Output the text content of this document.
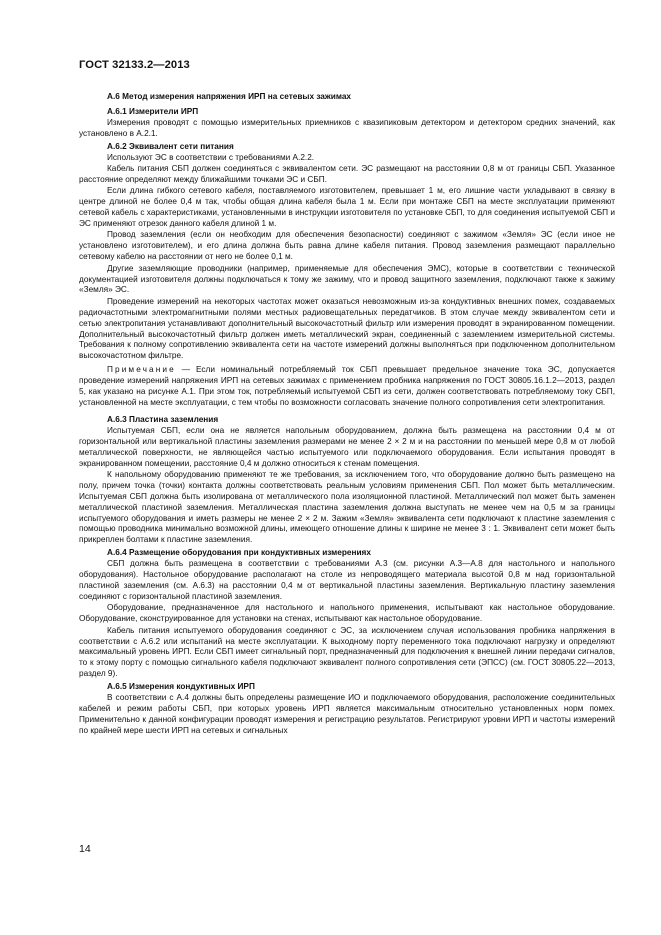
ГОСТ 32133.2—2013

А.6 Метод измерения напряжения ИРП на сетевых зажимах

А.6.1 Измерители ИРП

Измерения проводят с помощью измерительных приемников с квазипиковым детектором и детектором средних значений, как установлено в А.2.1.

А.6.2 Эквивалент сети питания

Используют ЭС в соответствии с требованиями А.2.2.

Кабель питания СБП должен соединяться с эквивалентом сети. ЭС размещают на расстоянии 0,8 м от границы СБП. Указанное расстояние определяют между ближайшими точками ЭС и СБП.

Если длина гибкого сетевого кабеля, поставляемого изготовителем, превышает 1 м, его лишние части укладывают в связку в центре длиной не более 0,4 м так, чтобы общая длина кабеля была 1 м. Если при монтаже СБП на месте эксплуатации применяют сетевой кабель с характеристиками, установленными в инструкции изготовителя по установке СБП, то для соединения испытуемой СБП и ЭС применяют отрезок данного кабеля длиной 1 м.

Провод заземления (если он необходим для обеспечения безопасности) соединяют с зажимом «Земля» ЭС (если иное не установлено изготовителем), и его длина должна быть равна длине кабеля питания. Провод заземления размещают параллельно сетевому кабелю на расстоянии от него не более 0,1 м.

Другие заземляющие проводники (например, применяемые для обеспечения ЭМС), которые в соответствии с технической документацией изготовителя должны подключаться к тому же зажиму, что и провод защитного заземления, подключают также к зажиму «Земля» ЭС.

Проведение измерений на некоторых частотах может оказаться невозможным из-за кондуктивных внешних помех, создаваемых радиочастотными электромагнитными полями местных радиовещательных передатчиков. В этом случае между эквивалентом сети и сетью электропитания устанавливают дополнительный высокочастотный фильтр или измерения проводят в экранированном помещении. Дополнительный высокочастотный фильтр должен иметь металлический экран, соединенный с заземлением измерительной системы. Требования к полному сопротивлению эквивалента сети на частоте измерений должны выполняться при подключенном дополнительном высокочастотном фильтре.

Примечание — Если номинальный потребляемый ток СБП превышает предельное значение тока ЭС, допускается проведение измерений напряжения ИРП на сетевых зажимах с применением пробника напряжения по ГОСТ 30805.16.1.2—2013, раздел 5, как указано на рисунке А.1. При этом ток, потребляемый испытуемой СБП из сети, должен соответствовать потребляемому току СБП, установленной на месте эксплуатации, с тем чтобы по возможности согласовать значение полного сопротивления сети электропитания.

А.6.3 Пластина заземления

Испытуемая СБП, если она не является напольным оборудованием, должна быть размещена на расстоянии 0,4 м от горизонтальной или вертикальной пластины заземления размерами не менее 2 × 2 м и на расстоянии по меньшей мере 0,8 м от любой металлической поверхности, не являющейся частью испытуемого или подключаемого оборудования. Если испытания проводят в экранированном помещении, расстояние 0,4 м должно относиться к стенам помещения.

К напольному оборудованию применяют те же требования, за исключением того, что оборудование должно быть размещено на полу, причем точка (точки) контакта должны соответствовать реальным условиям применения СБП. Пол может быть металлическим. Испытуемая СБП должна быть изолирована от металлического пола изоляционной пластиной. Металлический пол может быть заменен металлической пластиной заземления. Металлическая пластина заземления должна выступать не менее чем на 0,5 м за границы испытуемого оборудования и иметь размеры не менее 2 × 2 м. Зажим «Земля» эквивалента сети подключают к пластине заземления с помощью проводника минимально возможной длины, имеющего отношение длины к ширине не менее 3 : 1. Эквивалент сети может быть прикреплен болтами к пластине заземления.

А.6.4 Размещение оборудования при кондуктивных измерениях

СБП должна быть размещена в соответствии с требованиями А.3 (см. рисунки А.3—А.8 для настольного и напольного оборудования). Настольное оборудование располагают на столе из непроводящего материала высотой 0,8 м над горизонтальной пластиной заземления (см. А.6.3) на расстоянии 0,4 м от вертикальной пластины заземления. Вертикальную пластину заземления соединяют с горизонтальной пластиной заземления.

Оборудование, предназначенное для настольного и напольного применения, испытывают как настольное оборудование. Оборудование, сконструированное для установки на стенах, испытывают как настольное оборудование.

Кабель питания испытуемого оборудования соединяют с ЭС, за исключением случая использования пробника напряжения в соответствии с А.6.2 или испытаний на месте эксплуатации. К выходному порту переменного тока подключают нагрузку и определяют максимальный уровень ИРП. Если СБП имеет сигнальный порт, предназначенный для подключения к внешней линии передачи сигналов, то к этому порту с помощью сигнального кабеля подключают эквивалент полного сопротивления сети (ЭПСС) (см. ГОСТ 30805.22—2013, раздел 9).

А.6.5 Измерения кондуктивных ИРП

В соответствии с А.4 должны быть определены размещение ИО и подключаемого оборудования, расположение соединительных кабелей и режим работы СБП, при которых уровень ИРП является максимальным относительно установленных норм помех. Применительно к данной конфигурации проводят измерения и регистрацию результатов. Регистрируют уровни ИРП и частоты измерений по крайней мере шести ИРП на сетевых и сигнальных

14
